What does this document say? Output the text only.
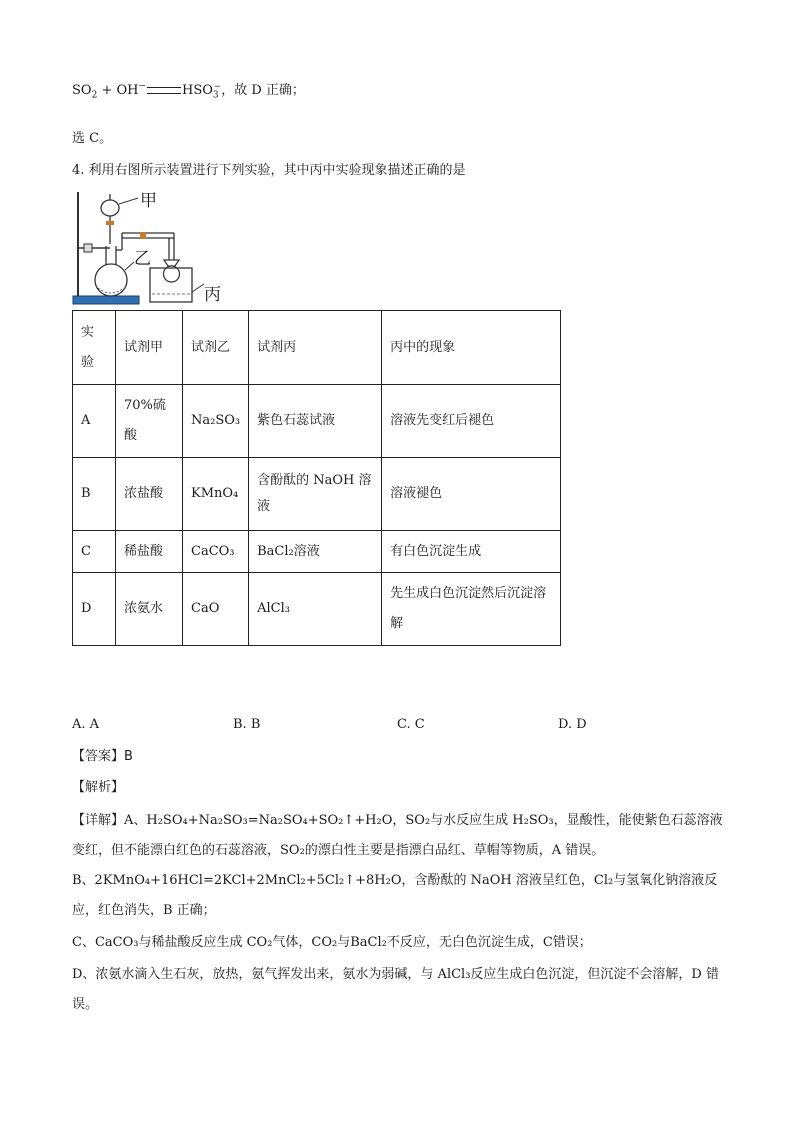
$SO_2 + OH^-$	$HSO_3^-$，故 D 正确；
选 C。
4. 利用右图所示装置进行下列实验，其中丙中实验现象描述正确的是
甲
乙
丙
实验	试剂甲	试剂乙	试剂丙	丙中的现象
A	70%硫酸	Na₂SO₃	紫色石蕊试液	溶液先变红后褪色
B	浓盐酸	KMnO₄	含酚酞的 NaOH 溶液	溶液褪色
C	稀盐酸	CaCO₃	BaCl₂溶液	有白色沉淀生成
D	浓氨水	CaO	AlCl₃	先生成白色沉淀然后沉淀溶解
A. A	B. B	C. C	D. D
【答案】B
【解析】
【详解】A、H₂SO₄+Na₂SO₃=Na₂SO₄+SO₂↑+H₂O，SO₂与水反应生成 H₂SO₃，显酸性，能使紫色石蕊溶液变红，但不能漂白红色的石蕊溶液，SO₂的漂白性主要是指漂白品红、草帽等物质，A 错误。
B、2KMnO₄+16HCl=2KCl+2MnCl₂+5Cl₂↑+8H₂O，含酚酞的 NaOH 溶液呈红色，Cl₂与氢氧化钠溶液反应，红色消失，B 正确；
C、CaCO₃与稀盐酸反应生成 CO₂气体，CO₂与BaCl₂不反应，无白色沉淀生成，C错误；
D、浓氨水滴入生石灰，放热，氨气挥发出来，氨水为弱碱，与 AlCl₃反应生成白色沉淀，但沉淀不会溶解，D 错误。
